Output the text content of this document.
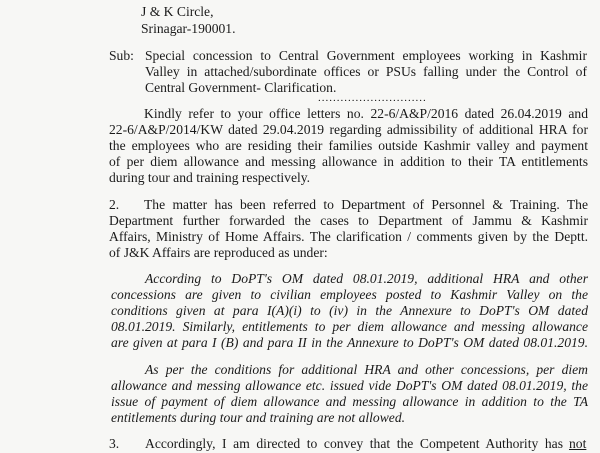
J & K Circle,
Srinagar-190001.
Sub: Special concession to Central Government employees working in Kashmir
Valley in attached/subordinate offices or PSUs falling under the Control of
Central Government- Clarification.
.............................
Kindly refer to your office letters no. 22-6/A&P/2016 dated 26.04.2019 and
22-6/A&P/2014/KW dated 29.04.2019 regarding admissibility of additional HRA for
the employees who are residing their families outside Kashmir valley and payment
of per diem allowance and messing allowance in addition to their TA entitlements
during tour and training respectively.
2. The matter has been referred to Department of Personnel & Training. The
Department further forwarded the cases to Department of Jammu & Kashmir
Affairs, Ministry of Home Affairs. The clarification / comments given by the Deptt.
of J&K Affairs are reproduced as under:
According to DoPT's OM dated 08.01.2019, additional HRA and other
concessions are given to civilian employees posted to Kashmir Valley on the
conditions given at para I(A)(i) to (iv) in the Annexure to DoPT's OM dated
08.01.2019. Similarly, entitlements to per diem allowance and messing allowance
are given at para I (B) and para II in the Annexure to DoPT's OM dated 08.01.2019.
As per the conditions for additional HRA and other concessions, per diem
allowance and messing allowance etc. issued vide DoPT's OM dated 08.01.2019, the
issue of payment of diem allowance and messing allowance in addition to the TA
entitlements during tour and training are not allowed.
3. Accordingly, I am directed to convey that the Competent Authority has not
